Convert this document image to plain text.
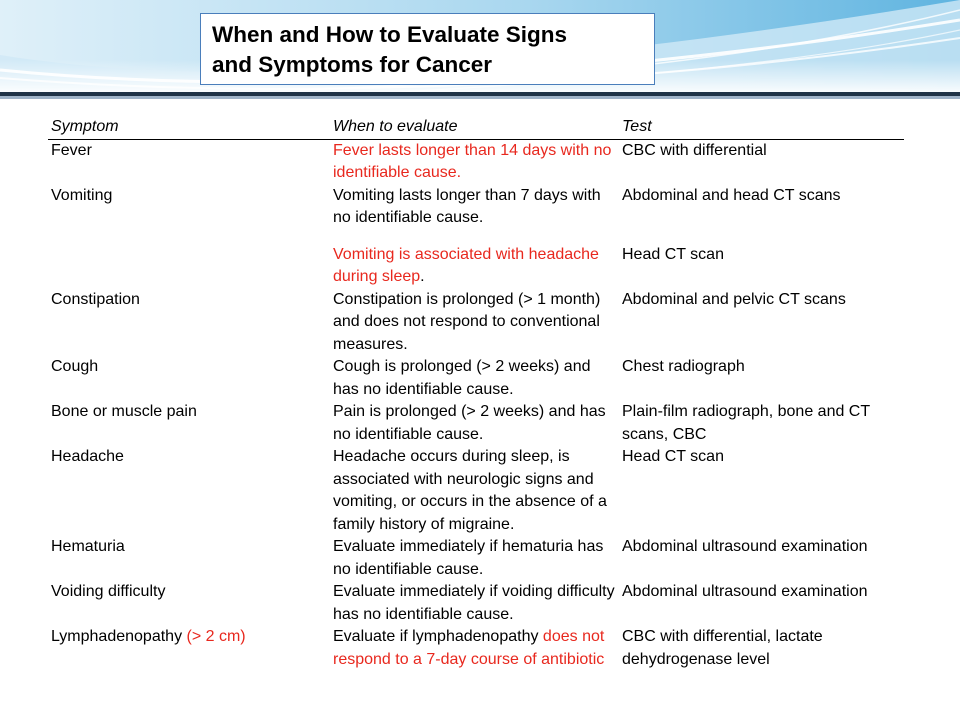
When and How to Evaluate Signs
and Symptoms for Cancer
Symptom	When to evaluate	Test
Fever	Fever lasts longer than 14 days with no identifiable cause.	CBC with differential
Vomiting	Vomiting lasts longer than 7 days with no identifiable cause.	Abdominal and head CT scans
	Vomiting is associated with headache during sleep.	Head CT scan
Constipation	Constipation is prolonged (> 1 month) and does not respond to conventional measures.	Abdominal and pelvic CT scans
Cough	Cough is prolonged (> 2 weeks) and has no identifiable cause.	Chest radiograph
Bone or muscle pain	Pain is prolonged (> 2 weeks) and has no identifiable cause.	Plain-film radiograph, bone and CT scans, CBC
Headache	Headache occurs during sleep, is associated with neurologic signs and vomiting, or occurs in the absence of a family history of migraine.	Head CT scan
Hematuria	Evaluate immediately if hematuria has no identifiable cause.	Abdominal ultrasound examination
Voiding difficulty	Evaluate immediately if voiding difficulty has no identifiable cause.	Abdominal ultrasound examination
Lymphadenopathy (> 2 cm)	Evaluate if lymphadenopathy does not respond to a 7-day course of antibiotic	CBC with differential, lactate dehydrogenase level
